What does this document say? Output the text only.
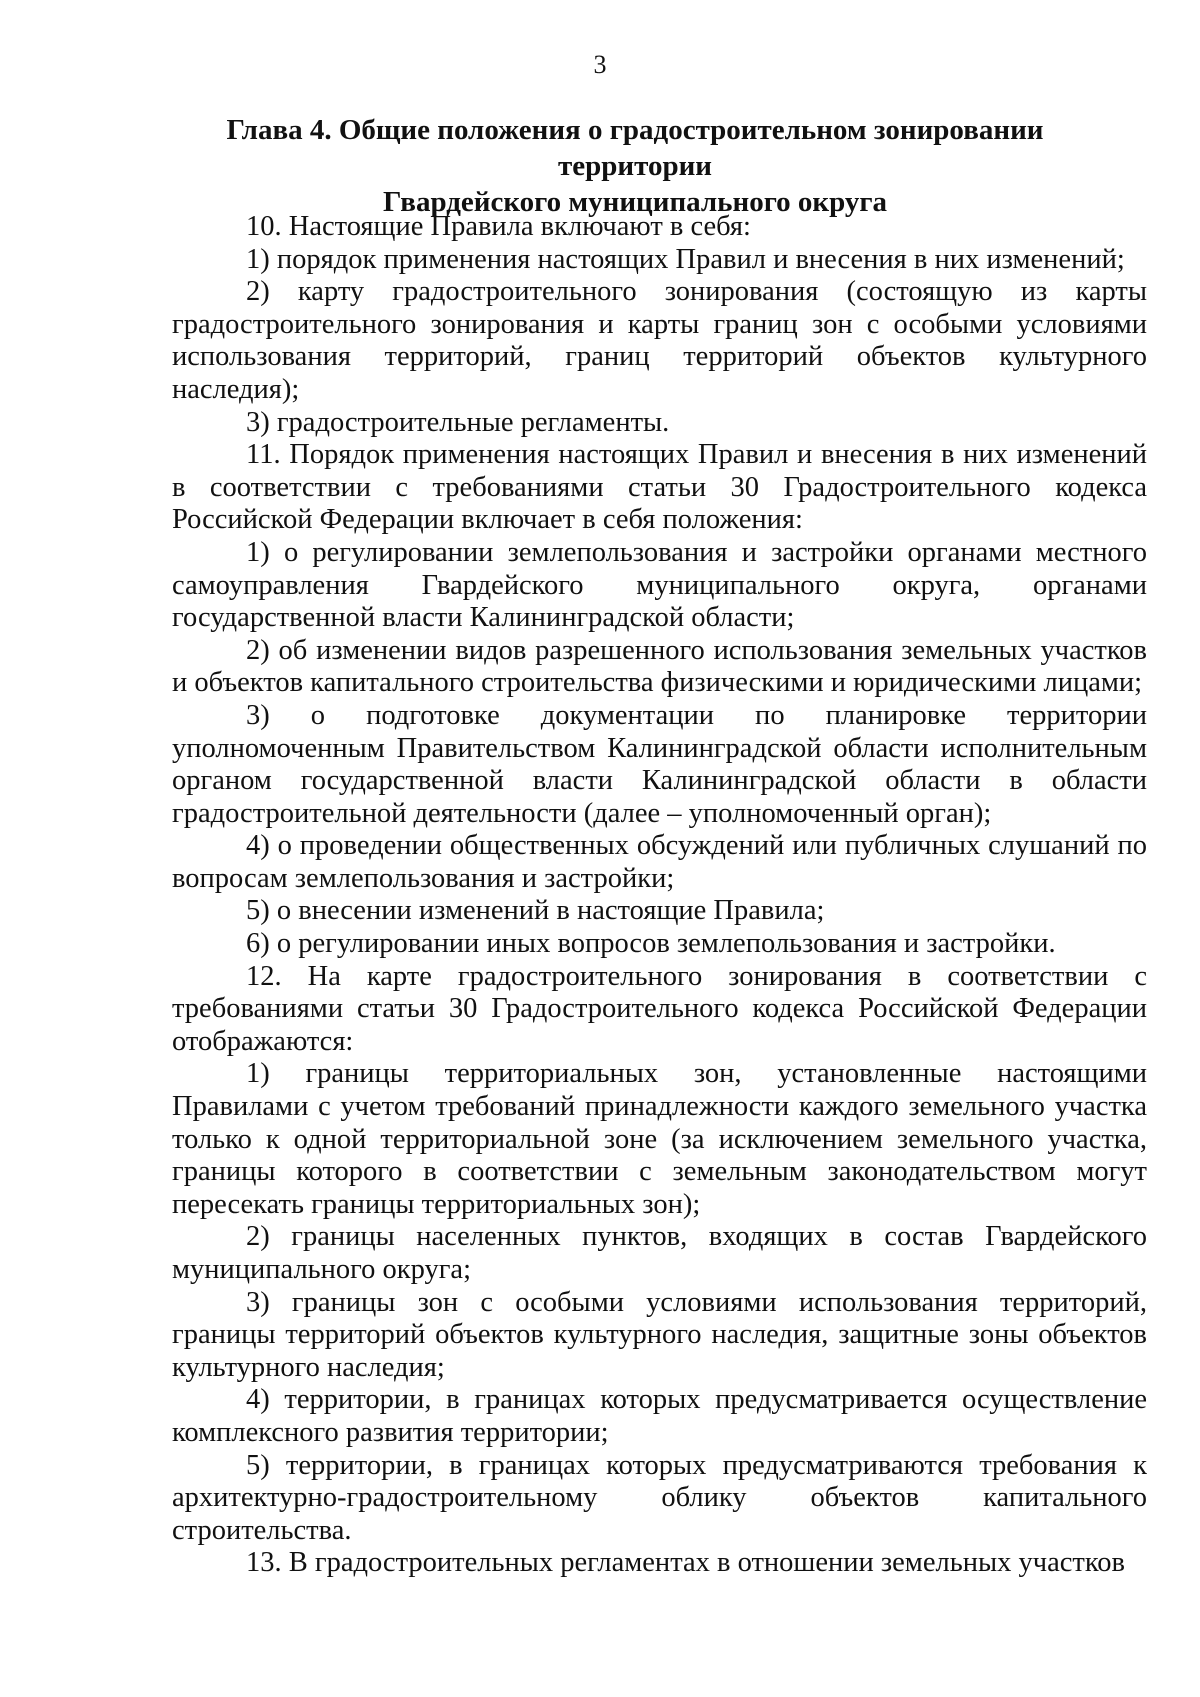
3
Глава 4. Общие положения о градостроительном зонировании территории
Гвардейского муниципального округа

10. Настоящие Правила включают в себя:

1) порядок применения настоящих Правил и внесения в них изменений;

2) карту градостроительного зонирования (состоящую из карты градостроительного зонирования и карты границ зон с особыми условиями использования территорий, границ территорий объектов культурного наследия);

3) градостроительные регламенты.

11. Порядок применения настоящих Правил и внесения в них изменений в соответствии с требованиями статьи 30 Градостроительного кодекса Российской Федерации включает в себя положения:

1) о регулировании землепользования и застройки органами местного самоуправления Гвардейского муниципального округа, органами государственной власти Калининградской области;

2) об изменении видов разрешенного использования земельных участков и объектов капитального строительства физическими и юридическими лицами;

3) о подготовке документации по планировке территории уполномоченным Правительством Калининградской области исполнительным органом государственной власти Калининградской области в области градостроительной деятельности (далее – уполномоченный орган);

4) о проведении общественных обсуждений или публичных слушаний по вопросам землепользования и застройки;

5) о внесении изменений в настоящие Правила;

6) о регулировании иных вопросов землепользования и застройки.

12. На карте градостроительного зонирования в соответствии с требованиями статьи 30 Градостроительного кодекса Российской Федерации отображаются:

1) границы территориальных зон, установленные настоящими Правилами с учетом требований принадлежности каждого земельного участка только к одной территориальной зоне (за исключением земельного участка, границы которого в соответствии с земельным законодательством могут пересекать границы территориальных зон);

2) границы населенных пунктов, входящих в состав Гвардейского муниципального округа;

3) границы зон с особыми условиями использования территорий, границы территорий объектов культурного наследия, защитные зоны объектов культурного наследия;

4) территории, в границах которых предусматривается осуществление комплексного развития территории;

5) территории, в границах которых предусматриваются требования к архитектурно-градостроительному облику объектов капитального строительства.

13. В градостроительных регламентах в отношении земельных участков
